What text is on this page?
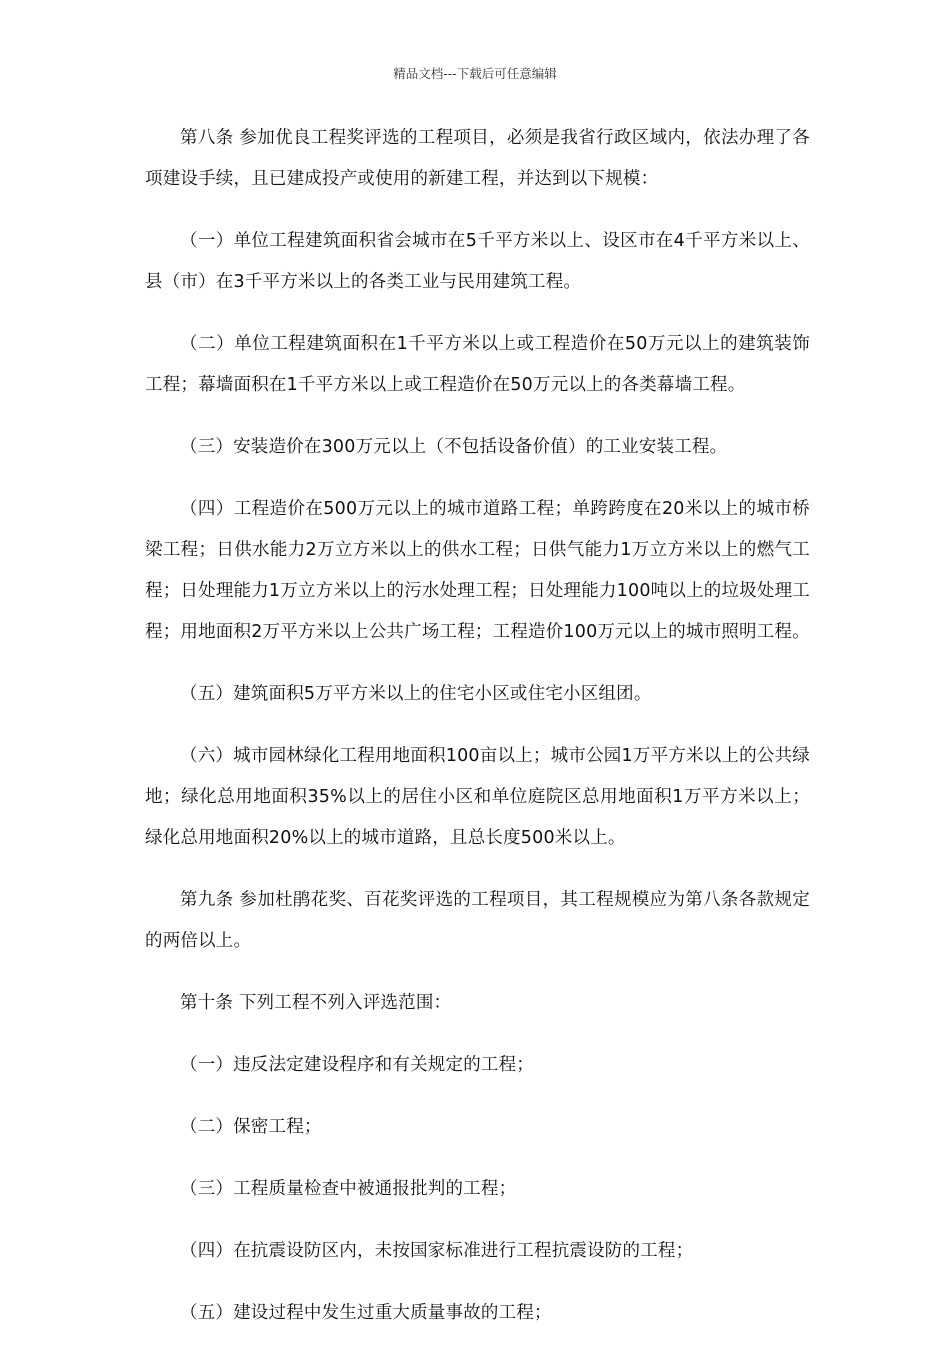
精品文档---下载后可任意编辑

第八条 参加优良工程奖评选的工程项目，必须是我省行政区域内，依法办理了各项建设手续，且已建成投产或使用的新建工程，并达到以下规模：

（一）单位工程建筑面积省会城市在5千平方米以上、设区市在4千平方米以上、县（市）在3千平方米以上的各类工业与民用建筑工程。

（二）单位工程建筑面积在1千平方米以上或工程造价在50万元以上的建筑装饰工程；幕墙面积在1千平方米以上或工程造价在50万元以上的各类幕墙工程。

（三）安装造价在300万元以上（不包括设备价值）的工业安装工程。

（四）工程造价在500万元以上的城市道路工程；单跨跨度在20米以上的城市桥梁工程；日供水能力2万立方米以上的供水工程；日供气能力1万立方米以上的燃气工程；日处理能力1万立方米以上的污水处理工程；日处理能力100吨以上的垃圾处理工程；用地面积2万平方米以上公共广场工程；工程造价100万元以上的城市照明工程。

（五）建筑面积5万平方米以上的住宅小区或住宅小区组团。

（六）城市园林绿化工程用地面积100亩以上；城市公园1万平方米以上的公共绿地；绿化总用地面积35%以上的居住小区和单位庭院区总用地面积1万平方米以上；绿化总用地面积20%以上的城市道路，且总长度500米以上。

第九条 参加杜鹃花奖、百花奖评选的工程项目，其工程规模应为第八条各款规定的两倍以上。

第十条 下列工程不列入评选范围：

（一）违反法定建设程序和有关规定的工程；

（二）保密工程；

（三）工程质量检查中被通报批判的工程；

（四）在抗震设防区内，未按国家标准进行工程抗震设防的工程；

（五）建设过程中发生过重大质量事故的工程；
